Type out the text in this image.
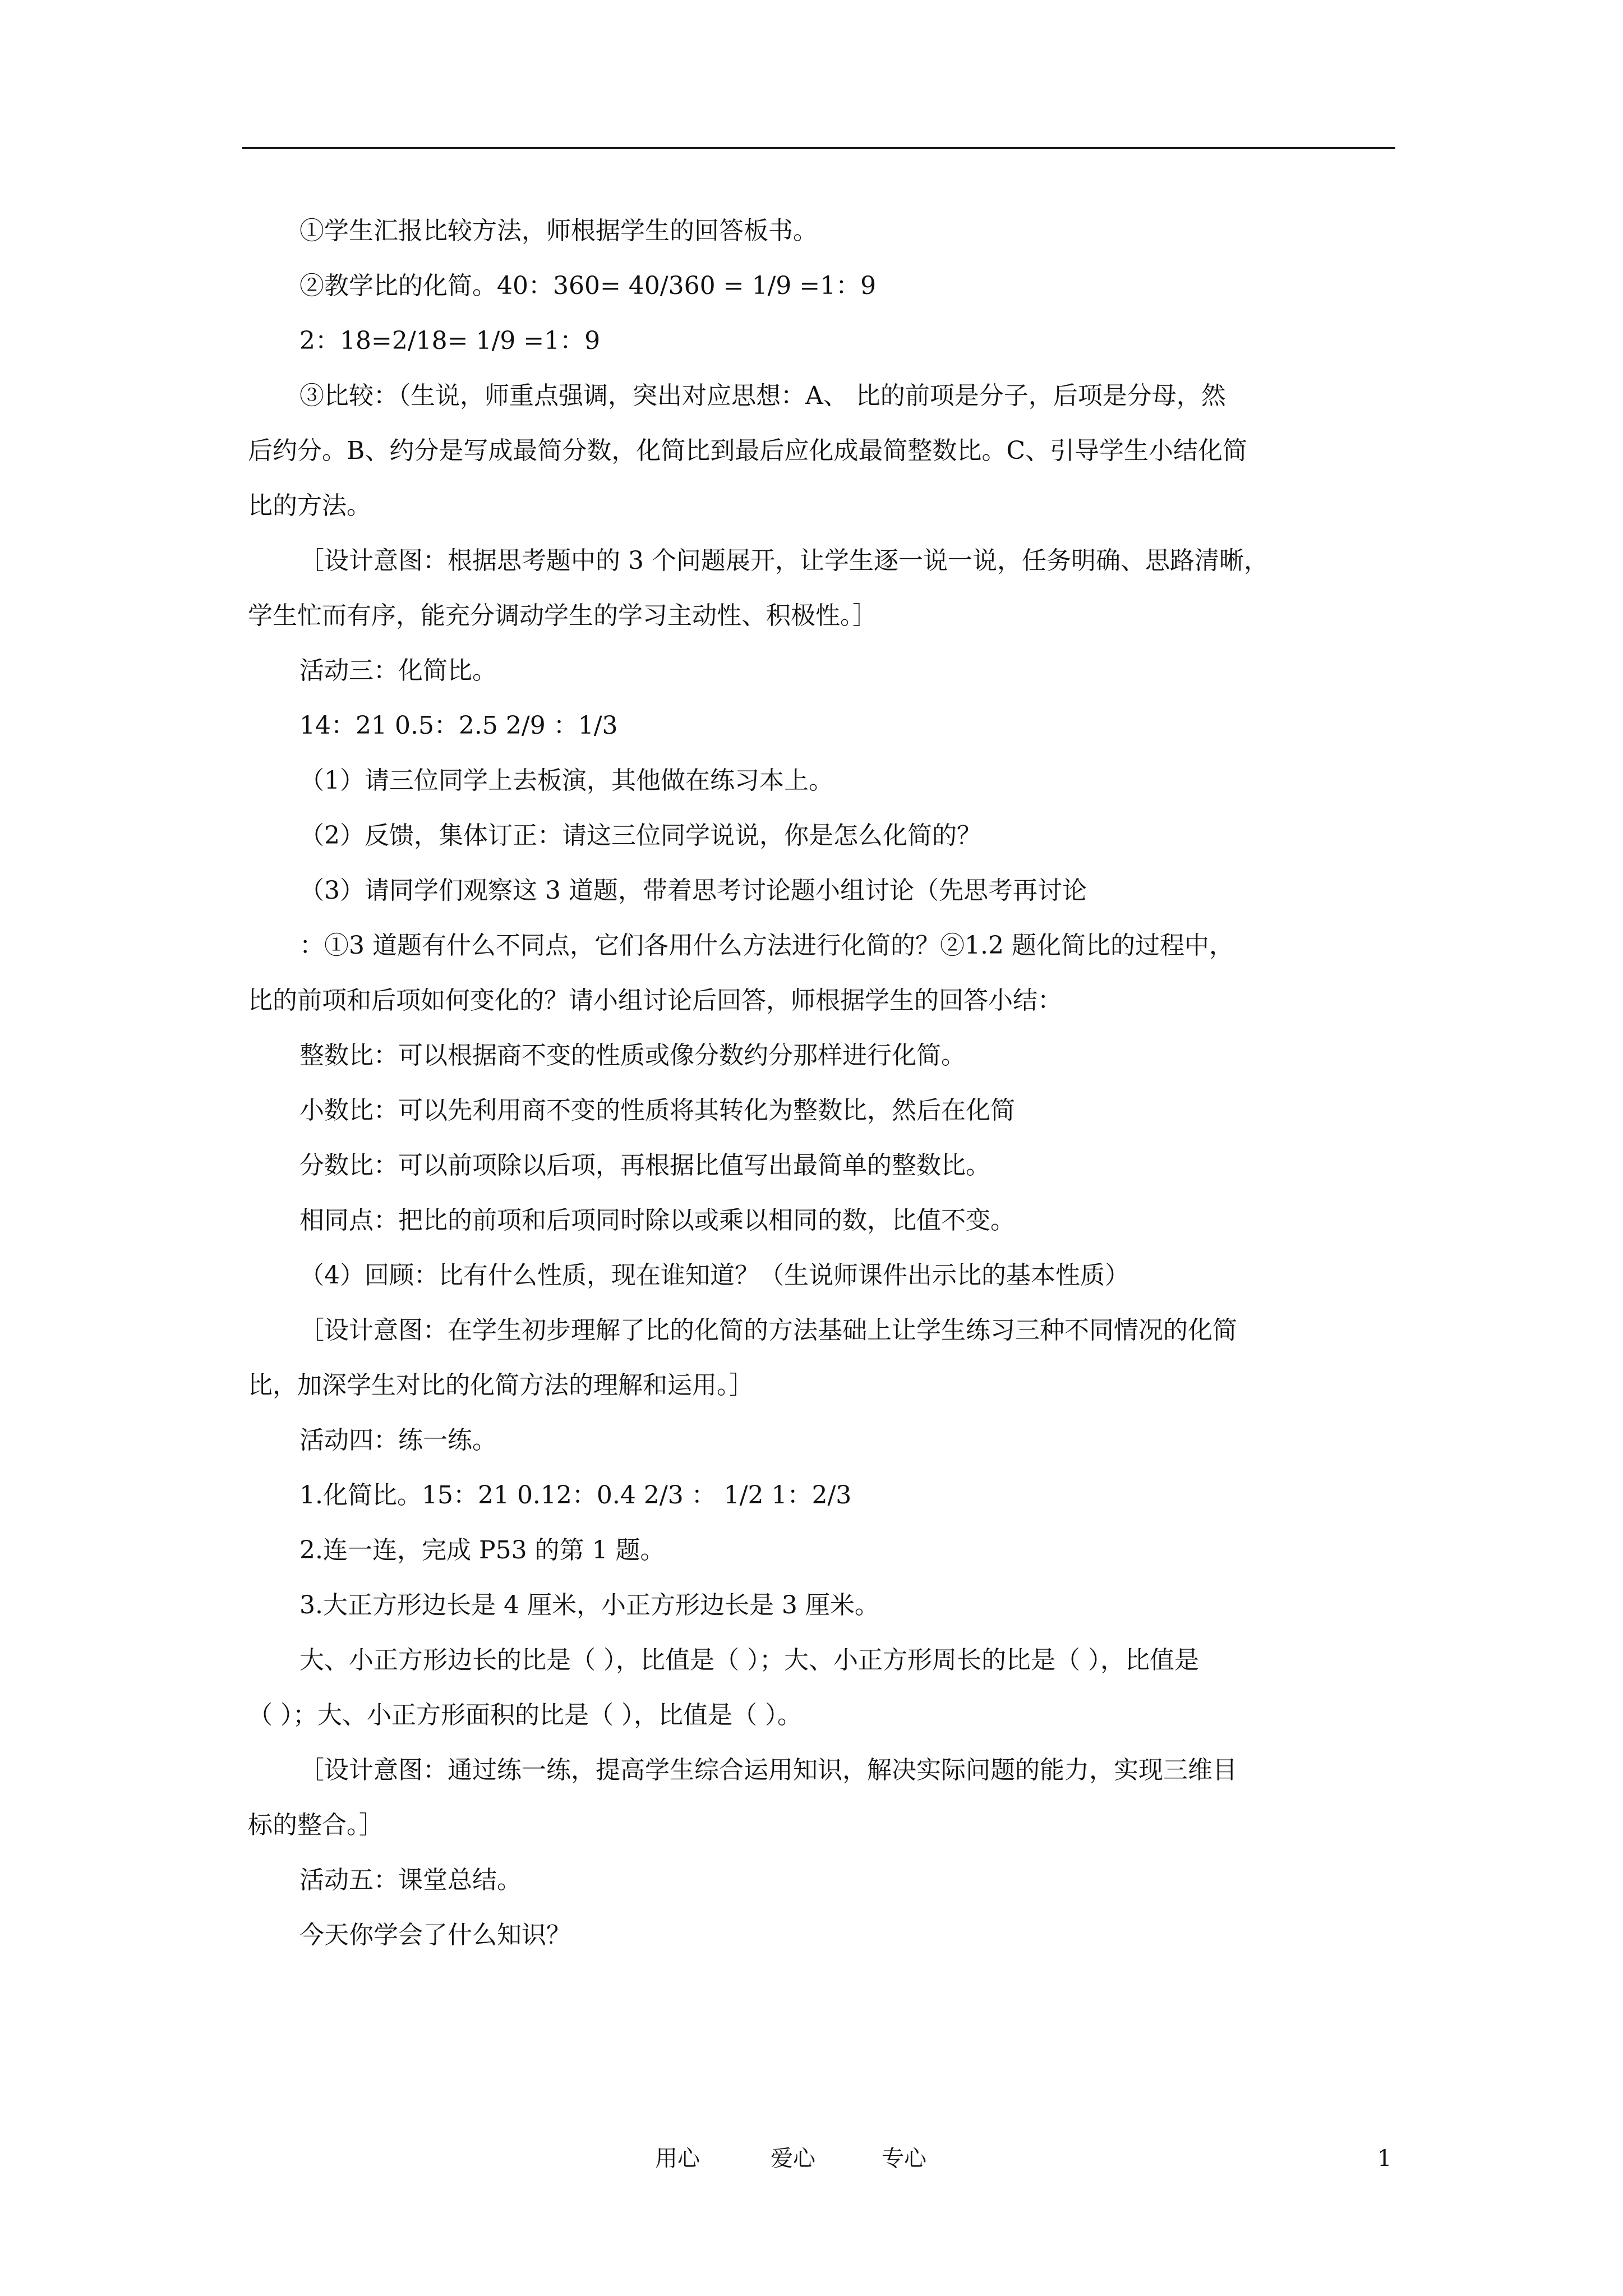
①学生汇报比较方法，师根据学生的回答板书。
②教学比的化简。40：360= 40/360 = 1/9 =1：9
2：18=2/18= 1/9 =1：9
③比较：（生说，师重点强调，突出对应思想：A、 比的前项是分子，后项是分母，然
后约分。B、约分是写成最简分数，化简比到最后应化成最简整数比。C、引导学生小结化简
比的方法。
［设计意图：根据思考题中的 3 个问题展开，让学生逐一说一说，任务明确、思路清晰，
学生忙而有序，能充分调动学生的学习主动性、积极性。］
活动三：化简比。
14：21 0.5：2.5 2/9 ：1/3
（1）请三位同学上去板演，其他做在练习本上。
（2）反馈，集体订正：请这三位同学说说，你是怎么化简的？
（3）请同学们观察这 3 道题，带着思考讨论题小组讨论（先思考再讨论
：①3 道题有什么不同点，它们各用什么方法进行化简的？②1.2 题化简比的过程中，
比的前项和后项如何变化的？请小组讨论后回答，师根据学生的回答小结：
整数比：可以根据商不变的性质或像分数约分那样进行化简。
小数比：可以先利用商不变的性质将其转化为整数比，然后在化简
分数比：可以前项除以后项，再根据比值写出最简单的整数比。
相同点：把比的前项和后项同时除以或乘以相同的数，比值不变。
（4）回顾：比有什么性质，现在谁知道？（生说师课件出示比的基本性质）
［设计意图：在学生初步理解了比的化简的方法基础上让学生练习三种不同情况的化简
比，加深学生对比的化简方法的理解和运用。］
活动四：练一练。
1.化简比。15：21 0.12：0.4 2/3 ： 1/2 1：2/3
2.连一连，完成 P53 的第 1 题。
3.大正方形边长是 4 厘米，小正方形边长是 3 厘米。
大、小正方形边长的比是（ ），比值是（ ）；大、小正方形周长的比是（ ），比值是
（ ）；大、小正方形面积的比是（ ），比值是（ ）。
［设计意图：通过练一练，提高学生综合运用知识，解决实际问题的能力，实现三维目
标的整合。］
活动五：课堂总结。
今天你学会了什么知识？
用心	爱心	专心	1
